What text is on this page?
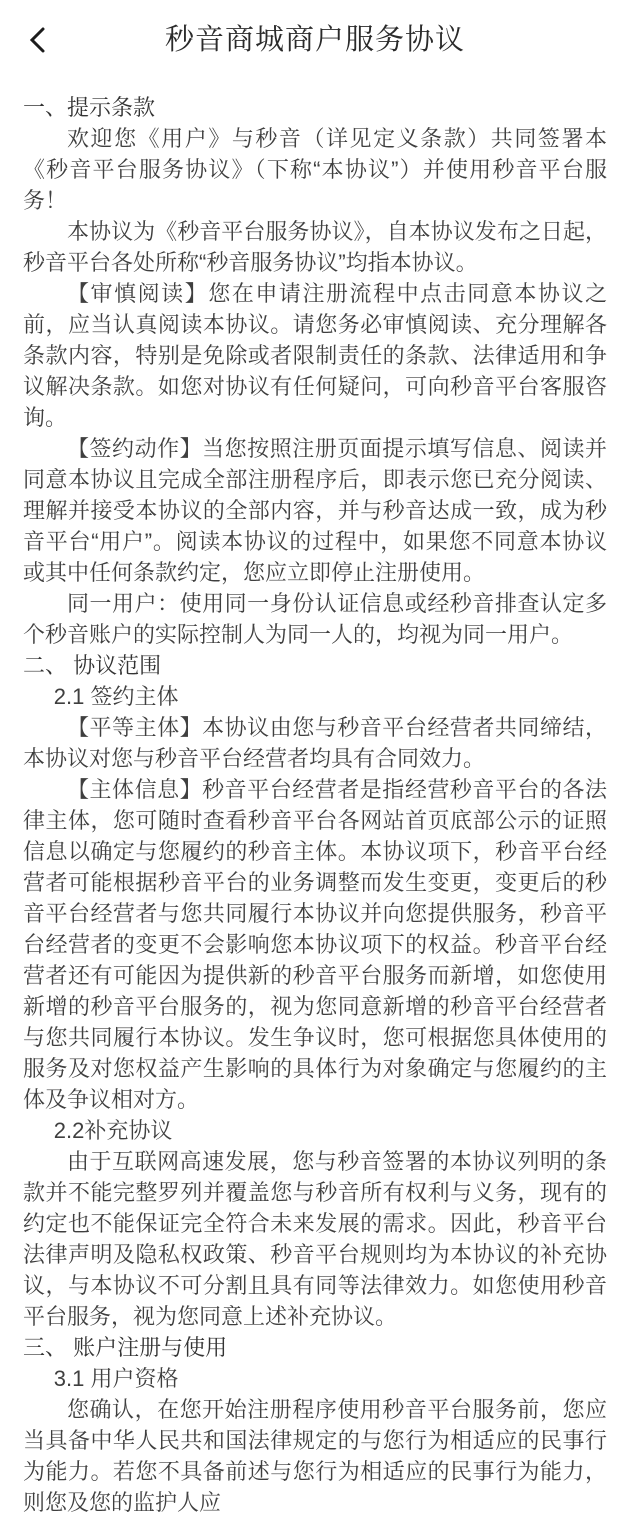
秒音商城商户服务协议
一、提示条款
欢迎您《用户》与秒音（详见定义条款）共同签署本《秒音平台服务协议》（下称“本协议”）并使用秒音平台服务！
本协议为《秒音平台服务协议》，自本协议发布之日起，秒音平台各处所称“秒音服务协议”均指本协议。
【审慎阅读】您在申请注册流程中点击同意本协议之前，应当认真阅读本协议。请您务必审慎阅读、充分理解各条款内容，特别是免除或者限制责任的条款、法律适用和争议解决条款。如您对协议有任何疑问，可向秒音平台客服咨询。
【签约动作】当您按照注册页面提示填写信息、阅读并同意本协议且完成全部注册程序后，即表示您已充分阅读、理解并接受本协议的全部内容，并与秒音达成一致，成为秒音平台“用户”。阅读本协议的过程中，如果您不同意本协议或其中任何条款约定，您应立即停止注册使用。
同一用户：使用同一身份认证信息或经秒音排查认定多个秒音账户的实际控制人为同一人的，均视为同一用户。
二、 协议范围
2.1 签约主体
【平等主体】本协议由您与秒音平台经营者共同缔结，本协议对您与秒音平台经营者均具有合同效力。
【主体信息】秒音平台经营者是指经营秒音平台的各法律主体，您可随时查看秒音平台各网站首页底部公示的证照信息以确定与您履约的秒音主体。本协议项下，秒音平台经营者可能根据秒音平台的业务调整而发生变更，变更后的秒音平台经营者与您共同履行本协议并向您提供服务，秒音平台经营者的变更不会影响您本协议项下的权益。秒音平台经营者还有可能因为提供新的秒音平台服务而新增，如您使用新增的秒音平台服务的，视为您同意新增的秒音平台经营者与您共同履行本协议。发生争议时，您可根据您具体使用的服务及对您权益产生影响的具体行为对象确定与您履约的主体及争议相对方。
2.2补充协议
由于互联网高速发展，您与秒音签署的本协议列明的条款并不能完整罗列并覆盖您与秒音所有权利与义务，现有的约定也不能保证完全符合未来发展的需求。因此，秒音平台法律声明及隐私权政策、秒音平台规则均为本协议的补充协议，与本协议不可分割且具有同等法律效力。如您使用秒音平台服务，视为您同意上述补充协议。
三、 账户注册与使用
3.1 用户资格
您确认，在您开始注册程序使用秒音平台服务前，您应当具备中华人民共和国法律规定的与您行为相适应的民事行为能力。若您不具备前述与您行为相适应的民事行为能力，则您及您的监护人应
